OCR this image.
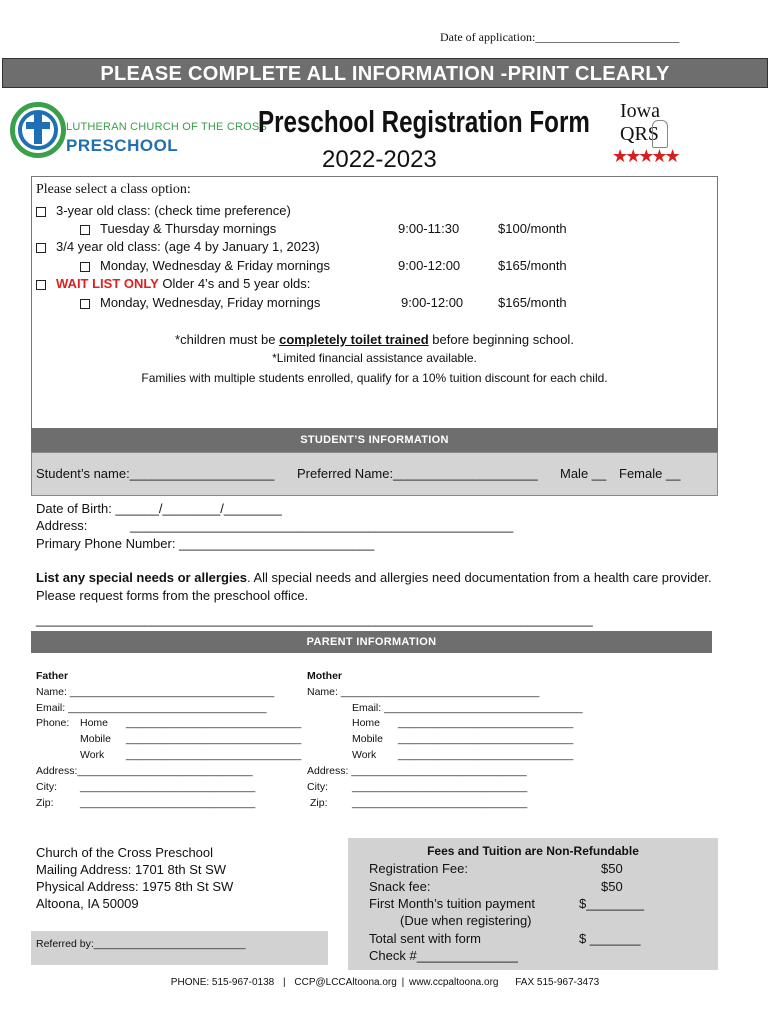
Date of application:________________________
PLEASE COMPLETE ALL INFORMATION -PRINT CLEARLY
LUTHERAN CHURCH OF THE CROSS
PRESCHOOL
Preschool Registration Form
2022-2023
Iowa QRS
★★★★★
Please select a class option:
3-year old class: (check time preference)
Tuesday & Thursday mornings	9:00-11:30	$100/month
3/4 year old class: (age 4 by January 1, 2023)
Monday, Wednesday & Friday mornings	9:00-12:00	$165/month
WAIT LIST ONLY Older 4’s and 5 year olds:
Monday, Wednesday, Friday mornings	9:00-12:00	$165/month
*children must be completely toilet trained before beginning school.
*Limited financial assistance available.
Families with multiple students enrolled, qualify for a 10% tuition discount for each child.
STUDENT’S INFORMATION
Student’s name:____________________ Preferred Name:____________________ Male __ Female __
Date of Birth: ______/________/________
Address:	_____________________________________________________
Primary Phone Number: ___________________________
List any special needs or allergies. All special needs and allergies need documentation from a health care provider.
Please request forms from the preschool office.
_____________________________________________________________________________
PARENT INFORMATION
Father	Mother
Name: ___________________________________	Name: __________________________________
Email: __________________________________	Email: __________________________________
Phone: Home ______________________________	Home ______________________________
Mobile ______________________________	Mobile ______________________________
Work ______________________________	Work ______________________________
Address:______________________________	Address: ______________________________
City: ______________________________	City: ______________________________
Zip:	______________________________	Zip: ______________________________
Church of the Cross Preschool
Mailing Address: 1701 8th St SW
Physical Address: 1975 8th St SW
Altoona, IA 50009
Referred by:__________________________
Fees and Tuition are Non-Refundable
Registration Fee:	$50
Snack fee:	$50
First Month’s tuition payment	$________
(Due when registering)
Total sent with form	$ _______
Check #______________
PHONE: 515-967-0138 | CCP@LCCAltoona.org | www.ccpaltoona.org FAX 515-967-3473
